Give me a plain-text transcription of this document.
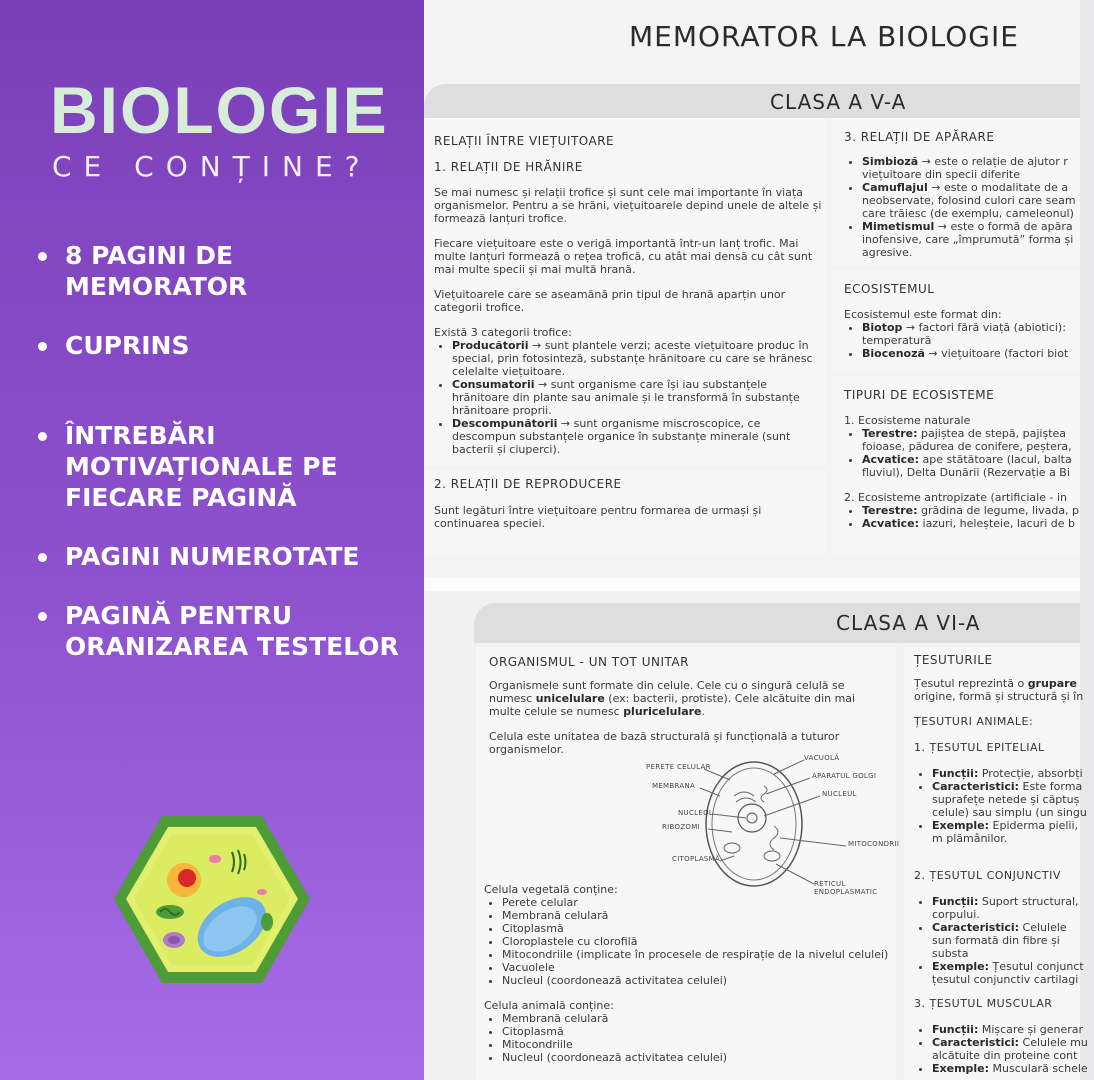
BIOLOGIE
CE CONȚINE?
8 PAGINI DE MEMORATOR
CUPRINS
ÎNTREBĂRI MOTIVAȚIONALE PE FIECARE PAGINĂ
PAGINI NUMEROTATE
PAGINĂ PENTRU ORANIZAREA TESTELOR
MEMORATOR LA BIOLOGIE
CLASA A V-A
RELAȚII ÎNTRE VIEȚUITOARE
1. RELAȚII DE HRĂNIRE

Se mai numesc și relații trofice și sunt cele mai importante în viața organismelor. Pentru a se hrăni, viețuitoarele depind unele de altele și formează lanțuri trofice.

Fiecare viețuitoare este o verigă importantă într-un lanț trofic. Mai multe lanțuri formează o rețea trofică, cu atât mai densă cu cât sunt mai multe specii și mai multă hrană.

Viețuitoarele care se aseamănă prin tipul de hrană aparțin unor categorii trofice.

Există 3 categorii trofice:

• Producătorii → sunt plantele verzi; aceste viețuitoare produc în special, prin fotosinteză, substanțe hrănitoare cu care se hrănesc celelalte viețuitoare.
• Consumatorii → sunt organisme care își iau substanțele hrănitoare din plante sau animale și le transformă în substanțe hrănitoare proprii.
• Descompunătorii → sunt organisme miscroscopice, ce descompun substanțele organice în substanțe minerale (sunt bacterii și ciuperci).
2. RELAȚII DE REPRODUCERE
Sunt legături între viețuitoare pentru formarea de urmași și continuarea speciei.
3. RELAȚII DE APĂRARE
• Simbioză → este o relație de ajutor r viețuitoare din specii diferite
• Camuflajul → este o modalitate de a neobservate, folosind culori care seam care trăiesc (de exemplu, cameleonul)
• Mimetismul → este o formă de apăra inofensive, care „împrumută” forma și agresive.
ECOSISTEMUL

Ecosistemul este format din:

• Biotop → factori fără viață (abiotici): temperatură
• Biocenoză → viețuitoare (factori biot
TIPURI DE ECOSISTEME

1. Ecosisteme naturale

• Terestre: pajiștea de stepă, pajiștea foioase, pădurea de conifere, peștera,
• Acvatice: ape stătătoare (lacul, balta fluviul), Delta Dunării (Rezervație a Bi

2. Ecosisteme antropizate (artificiale - in

• Terestre: grădina de legume, livada, p
• Acvatice: iazuri, heleșteie, lacuri de b
CLASA A VI-A
ORGANISMUL - UN TOT UNITAR

Organismele sunt formate din celule. Cele cu o singură celulă se numesc unicelulare (ex: bacterii, protiste). Cele alcătuite din mai multe celule se numesc pluricelulare.

Celula este unitatea de bază structurală și funcțională a tuturor organismelor.

PERETE CELULAR
VACUOLĂ
MEMBRANA
APARATUL GOLGI
NUCLEUL
NUCLEOL
RIBOZOMI
MITOCONDRII
CITOPLASMĂ
RETICUL ENDOPLASMATIC

Celula vegetală conține:

• Perete celular
• Membrană celulară
• Citoplasmă
• Cloroplastele cu clorofilă
• Mitocondriile (implicate în procesele de respirație de la nivelul celulei)
• Vacuolele
• Nucleul (coordonează activitatea celulei)

Celula animală conține:

• Membrană celulară
• Citoplasmă
• Mitocondriile
• Nucleul (coordonează activitatea celulei)
ȚESUTURILE

Țesutul reprezintă o grupare origine, formă și structură și în

ȚESUTURI ANIMALE:
1. ȚESUTUL EPITELIAL
• Funcții: Protecție, absorbți
• Caracteristici: Este forma suprafețe netede și căptuș celule) sau simplu (un singu
• Exemple: Epiderma pielii, m plămânilor.
2. ȚESUTUL CONJUNCTIV
• Funcții: Suport structural, corpului.
• Caracteristici: Celulele sun formată din fibre și substa
• Exemple: Țesutul conjunct țesutul conjunctiv cartilagi
3. ȚESUTUL MUSCULAR
• Funcții: Mișcare și generar
• Caracteristici: Celulele mu alcătuite din proteine cont
• Exemple: Musculară schele
